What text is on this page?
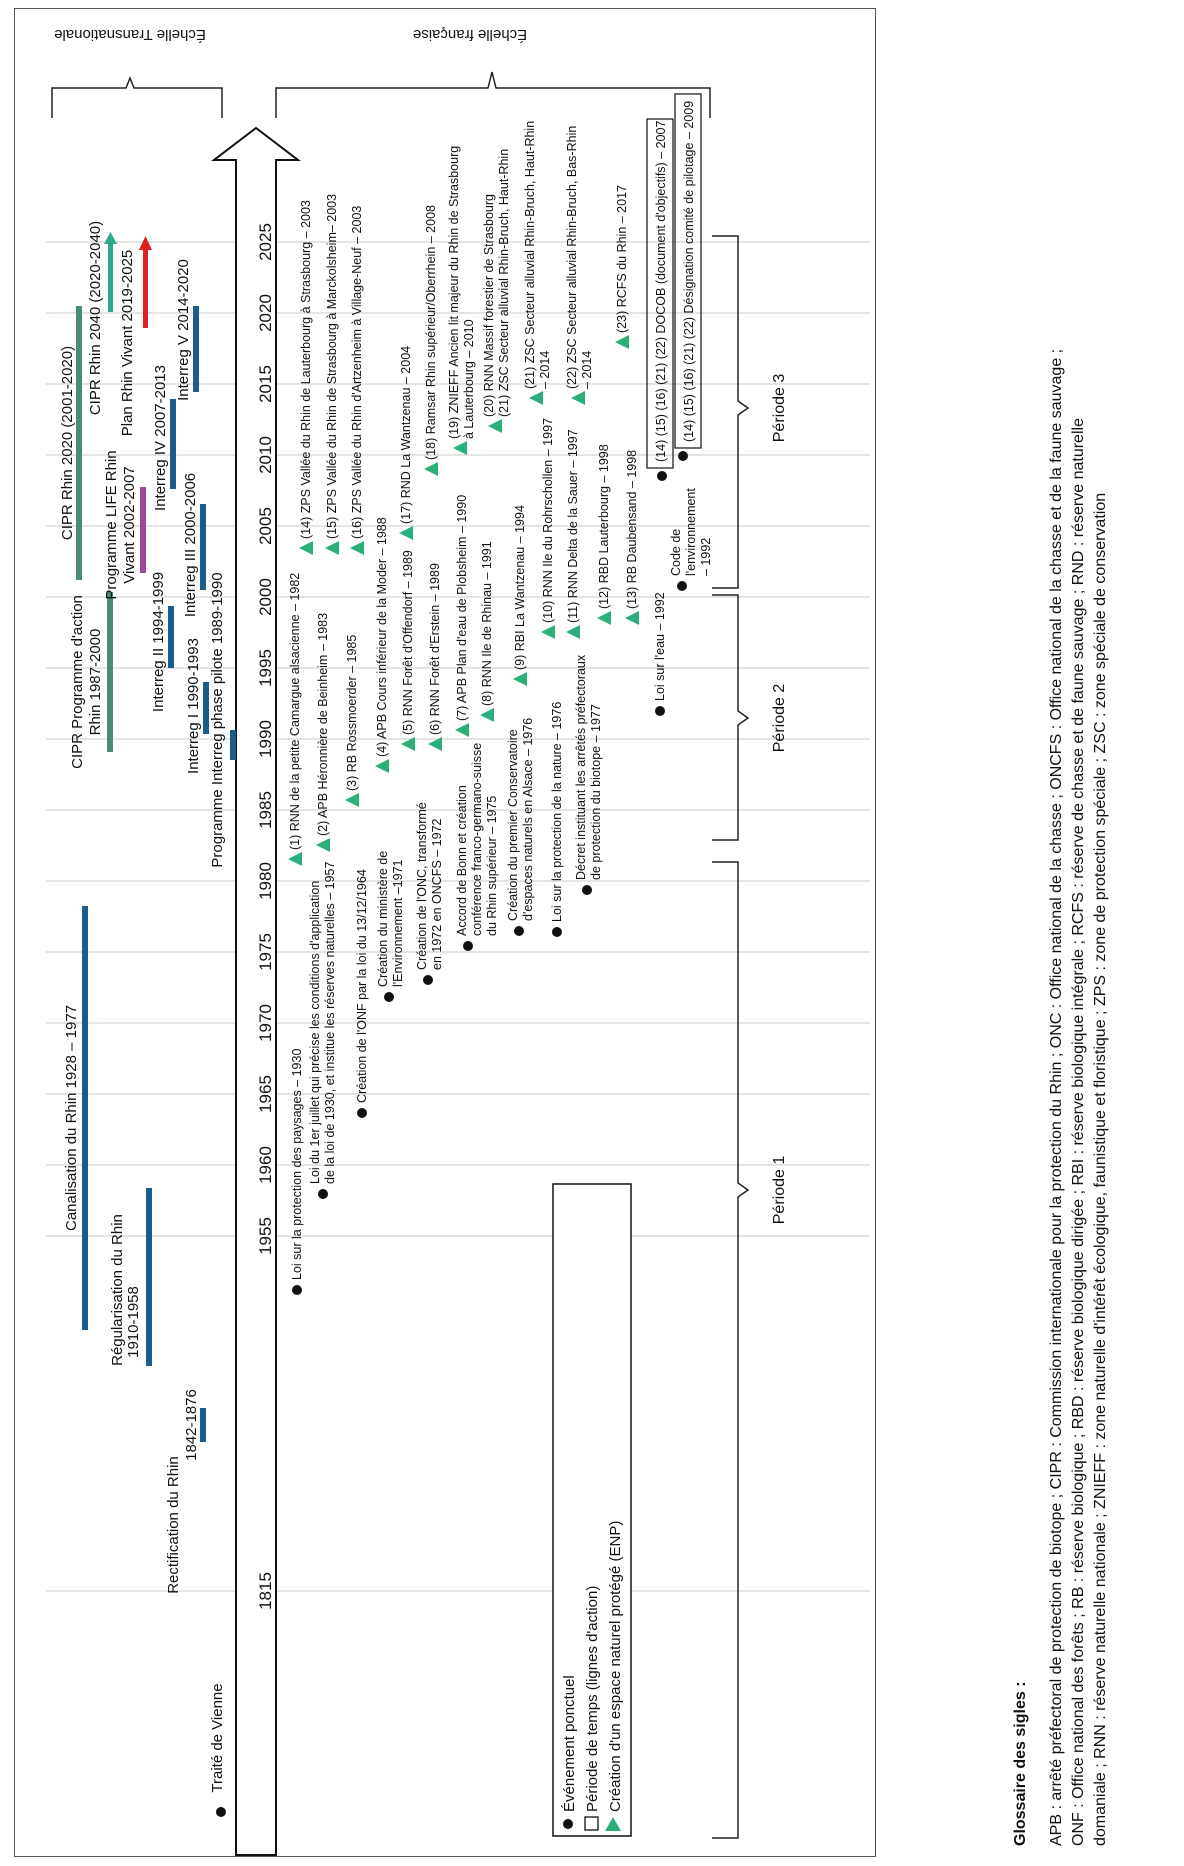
Échelle Transnationale	Échelle française
1815
1955
1960
1965
1970
1975
1980
1985
1990
1995
2000
2005
2010
2015
2020
2025
Rectification du Rhin
1842-1876
Régularisation du Rhin 1910-1958
Canalisation du Rhin 1928 – 1977
CIPR Programme d'action Rhin 1987-2000
CIPR Rhin 2020 (2001-2020)
CIPR Rhin 2040 (2020-2040)
Programme LIFE Rhin Vivant 2002-2007
Plan Rhin Vivant 2019-2025
Programme Interreg phase pilote 1989-1990
Interreg I 1990-1993
Interreg II 1994-1999
Interreg III 2000-2006
Interreg IV 2007-2013
Interreg V 2014-2020
Traité de Vienne
Loi sur la protection des paysages – 1930 Loi du 1er juillet qui précise les conditions d'application de la loi de 1930, et institue les réserves naturelles – 1957 Création de l'ONF par la loi du 13/12/1964 Création du ministère de l'Environnement –1971 Création de l'ONC, transformé en 1972 en ONCFS – 1972 Accord de Bonn et création conférence franco-germano-suisse du Rhin supérieur – 1975 Création du premier Conservatoire d'espaces naturels en Alsace – 1976 Loi sur la protection de la nature – 1976 Décret instituant les arrêtés préfectoraux de protection du biotope – 1977
Loi sur l'eau – 1992
Code de l'environnement – 1992
(14) (15) (16) (21) (22) DOCOB (document d'objectifs) – 2007 (14) (15) (16) (21) (22) Désignation comité de pilotage – 2009
(1) RNN de la petite Camargue alsacienne – 1982 (2) APB Héronnière de Beinheim – 1983 (3) RB Rossmoerder – 1985 (4) APB Cours inférieur de la Moder – 1988 (5) RNN Forêt d'Offendorf – 1989 (6) RNN Forêt d'Erstein – 1989 (7) APB Plan d'eau de Plobsheim – 1990 (8) RNN Ile de Rhinau – 1991 (9) RBI La Wantzenau – 1994 (10) RNN Ile du Rohrschollen – 1997 (11) RNN Delta de la Sauer – 1997 (12) RBD Lauterbourg – 1998 (13) RB Daubensand – 1998
(14) ZPS Vallée du Rhin de Lauterbourg à Strasbourg – 2003 (15) ZPS Vallée du Rhin de Strasbourg à Marckolsheim– 2003 (16) ZPS Vallée du Rhin d'Artzenheim à Village-Neuf – 2003	(17) RND La Wantzenau – 2004 (18) Ramsar Rhin supérieur/Oberrhein – 2008 (19) ZNIEFF Ancien lit majeur du Rhin de Strasbourg à Lauterbourg – 2010 (20) RNN Massif forestier de Strasbourg (21) ZSC Secteur alluvial Rhin-Bruch, Haut-Rhin (21) ZSC Secteur alluvial Rhin-Bruch, Haut-Rhin – 2014 (22) ZSC Secteur alluvial Rhin-Bruch, Bas-Rhin – 2014
(23) RCFS du Rhin – 2017
Période 1
Période 2
Période 3
Événement ponctuel Période de temps (lignes d'action) Création d'un espace naturel protégé (ENP)	Glossaire des sigles : APB : arrêté préfectoral de protection de biotope ; CIPR : Commission internationale pour la protection du Rhin ; ONC : Office national de la chasse ; ONCFS : Office national de la chasse et de la faune sauvage ; ONF : Office national des forêts ; RB : réserve biologique ; RBD : réserve biologique dirigée ; RBI : réserve biologique intégrale ; RCFS : réserve de chasse et de faune sauvage ; RND : réserve naturelle domaniale ; RNN : réserve naturelle nationale ; ZNIEFF : zone naturelle d'intérêt écologique, faunistique et floristique ; ZPS : zone de protection spéciale ; ZSC : zone spéciale de conservation
